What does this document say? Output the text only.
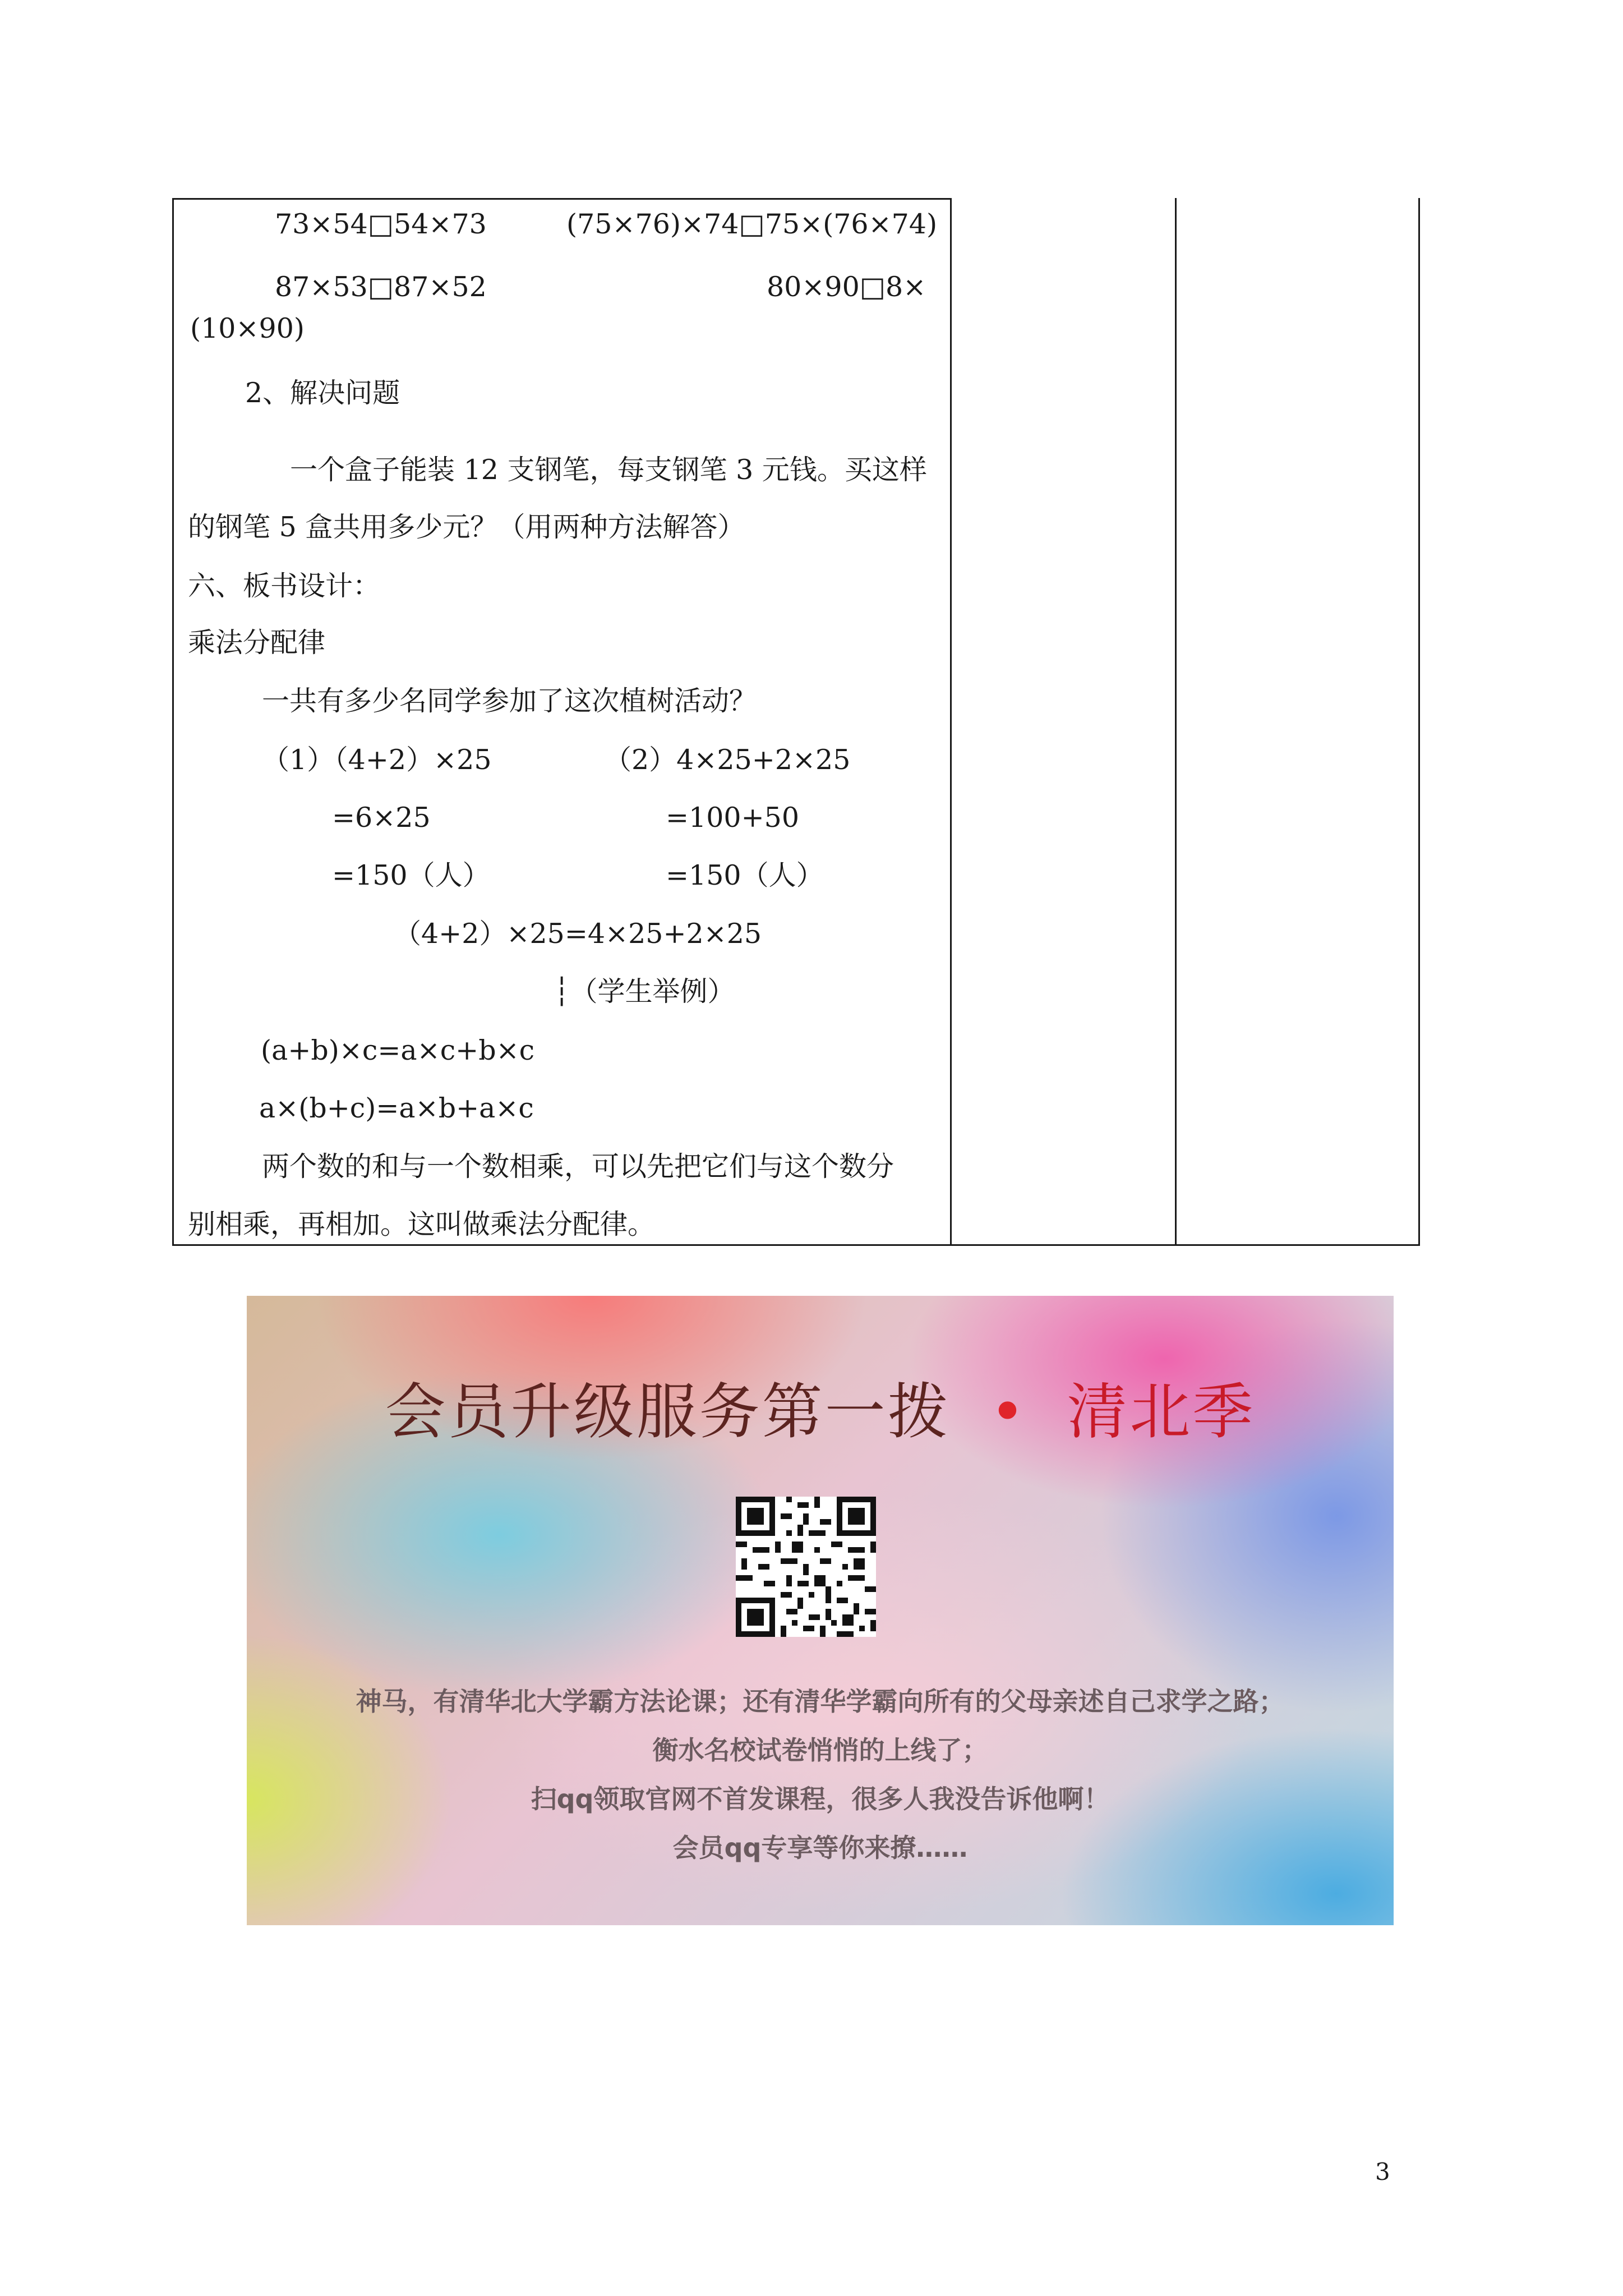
73×54□54×73	(75×76)×74□75×(76×74)
87×53□87×52	80×90□8×
(10×90)
2、解决问题
一个盒子能装 12 支钢笔，每支钢笔 3 元钱。买这样
的钢笔 5 盒共用多少元？（用两种方法解答）
六、板书设计：
乘法分配律
一共有多少名同学参加了这次植树活动？
（1）（4+2）×25	（2）4×25+2×25
=6×25	=100+50
=150（人）	=150（人）
（4+2）×25=4×25+2×25
┆（学生举例）
(a+b)×c=a×c+b×c
a×(b+c)=a×b+a×c
两个数的和与一个数相乘，可以先把它们与这个数分
别相乘，再相加。这叫做乘法分配律。
会员升级服务第一拨 • 清北季
神马，有清华北大学霸方法论课；还有清华学霸向所有的父母亲述自己求学之路；
衡水名校试卷悄悄的上线了；
扫qq领取官网不首发课程，很多人我没告诉他啊！
会员qq专享等你来撩……
3
